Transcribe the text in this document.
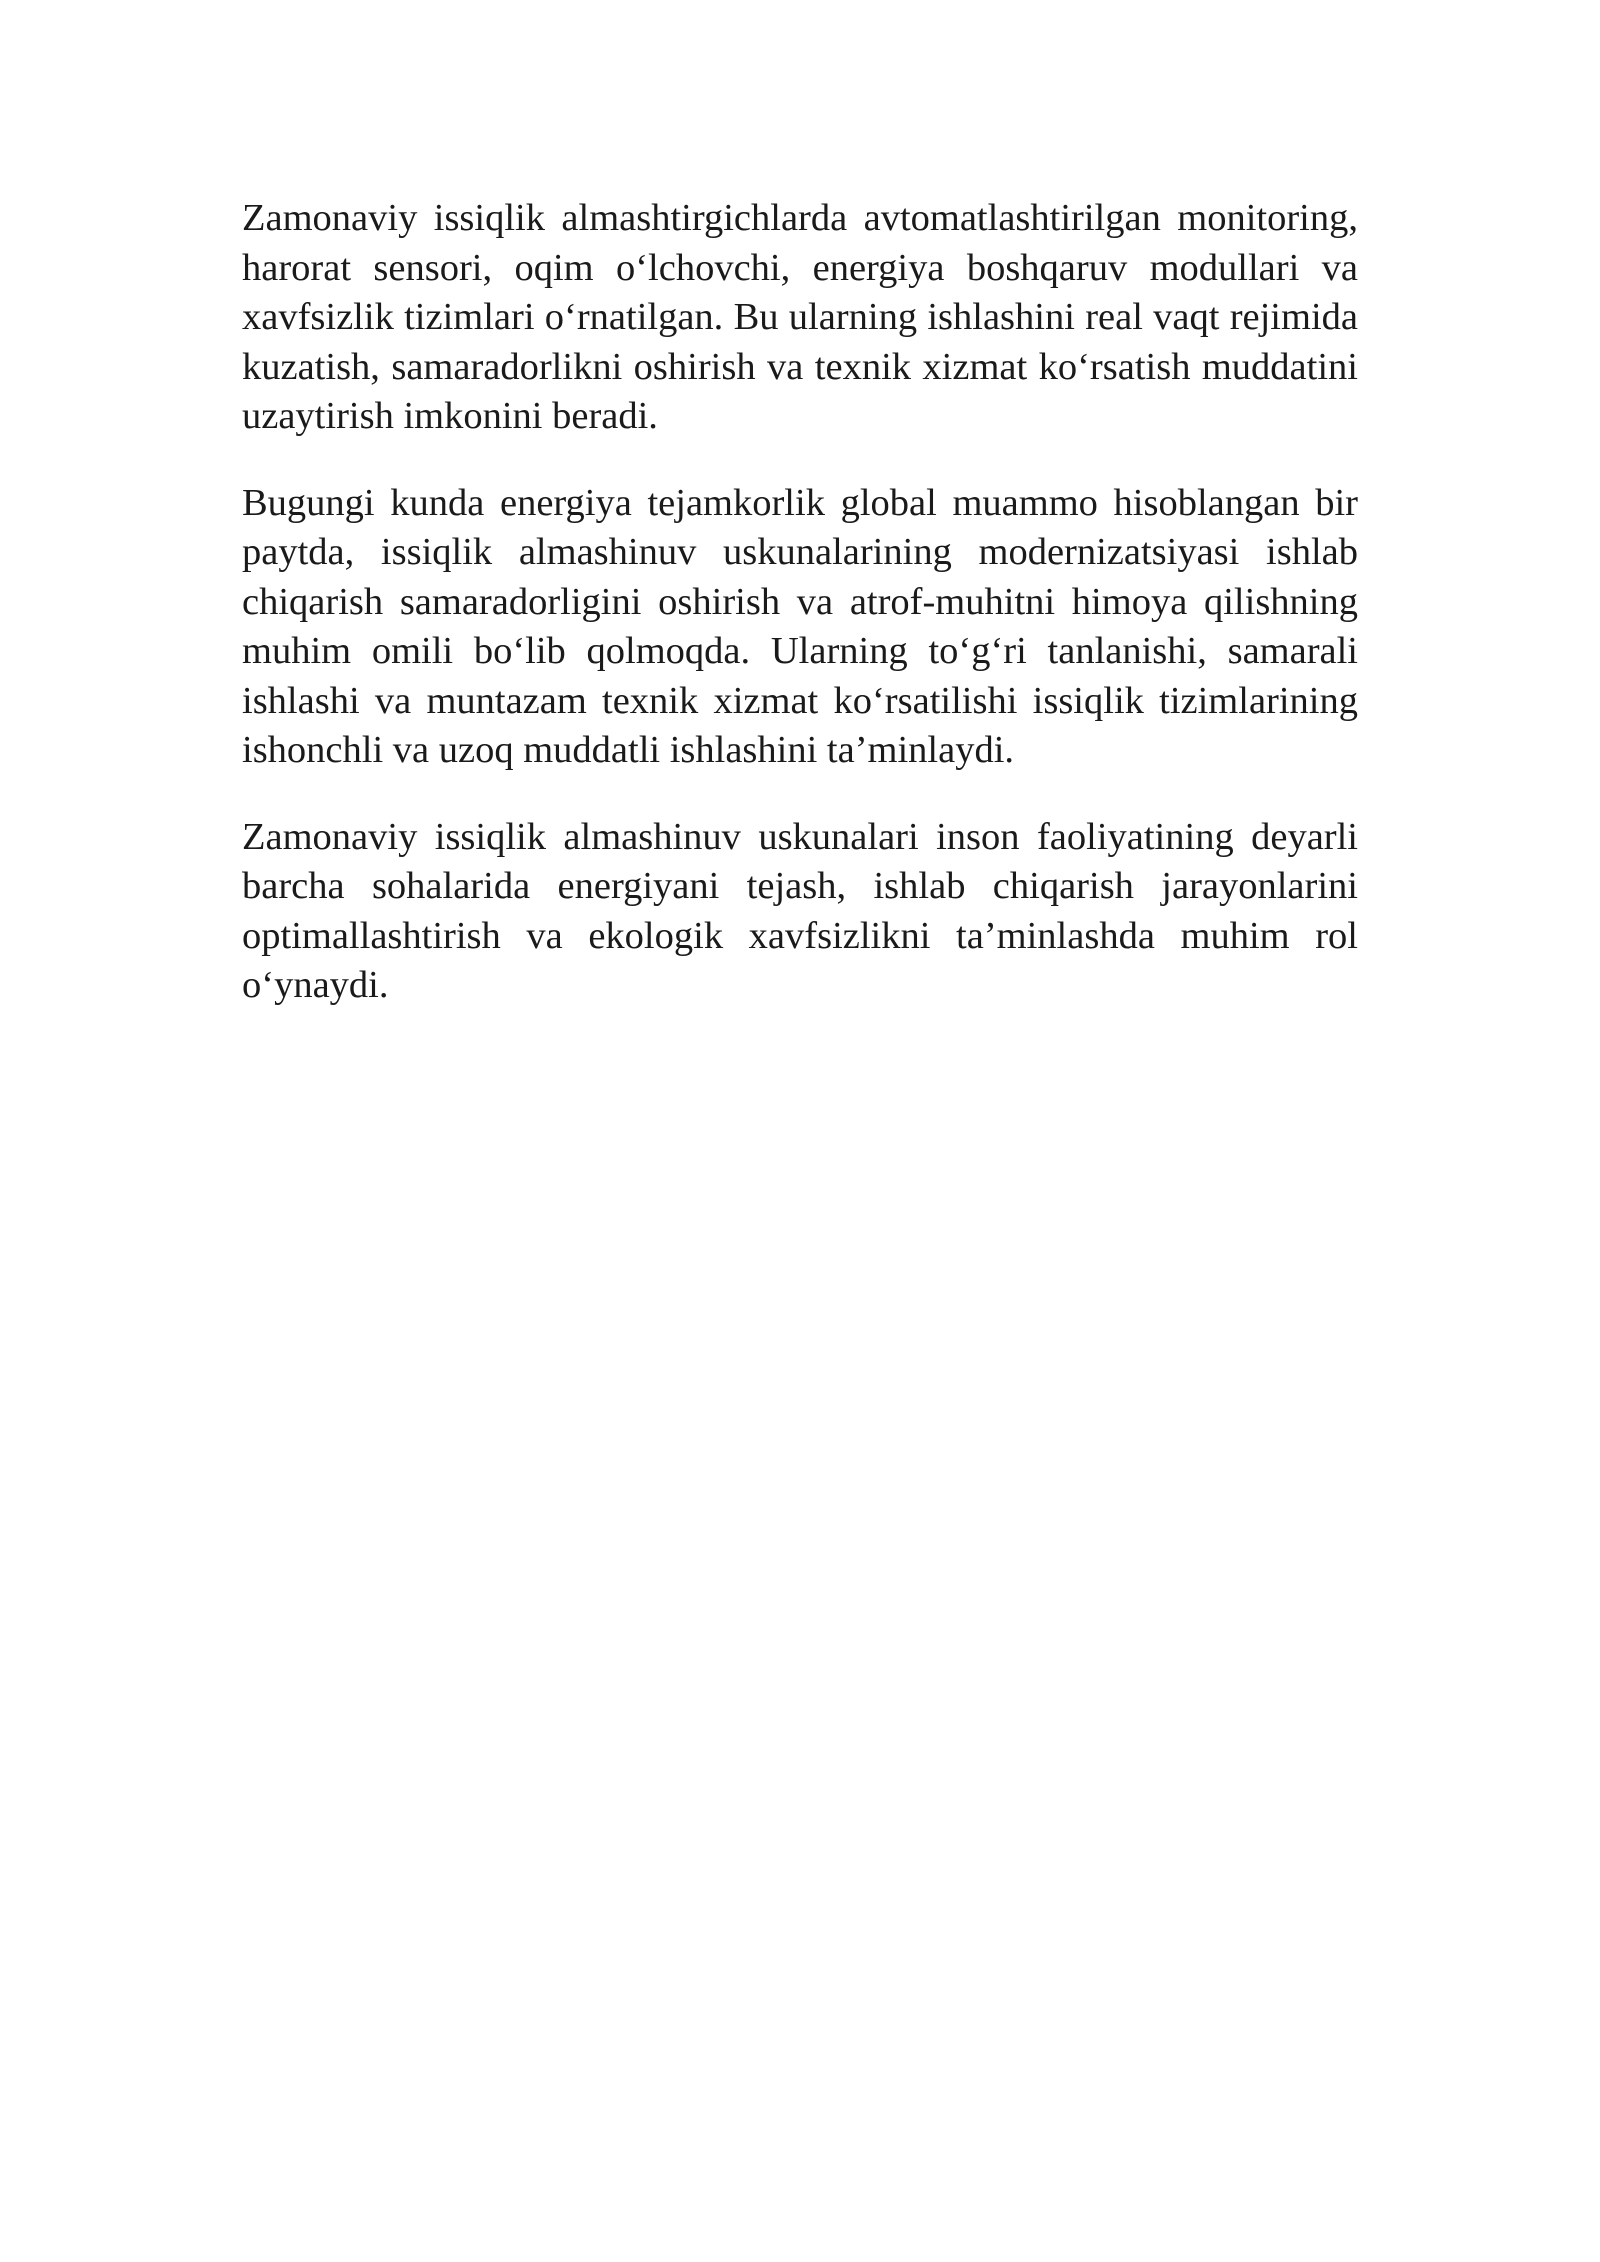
Zamonaviy issiqlik almashtirgichlarda avtomatlashtirilgan monitoring, harorat sensori, oqim o‘lchovchi, energiya boshqaruv modullari va xavfsizlik tizimlari o‘rnatilgan. Bu ularning ishlashini real vaqt rejimida kuzatish, samaradorlikni oshirish va texnik xizmat ko‘rsatish muddatini uzaytirish imkonini beradi.

Bugungi kunda energiya tejamkorlik global muammo hisoblangan bir paytda, issiqlik almashinuv uskunalarining modernizatsiyasi ishlab chiqarish samaradorligini oshirish va atrof-muhitni himoya qilishning muhim omili bo‘lib qolmoqda. Ularning to‘g‘ri tanlanishi, samarali ishlashi va muntazam texnik xizmat ko‘rsatilishi issiqlik tizimlarining ishonchli va uzoq muddatli ishlashini ta’minlaydi.

Zamonaviy issiqlik almashinuv uskunalari inson faoliyatining deyarli barcha sohalarida energiyani tejash, ishlab chiqarish jarayonlarini optimallashtirish va ekologik xavfsizlikni ta’minlashda muhim rol o‘ynaydi.
